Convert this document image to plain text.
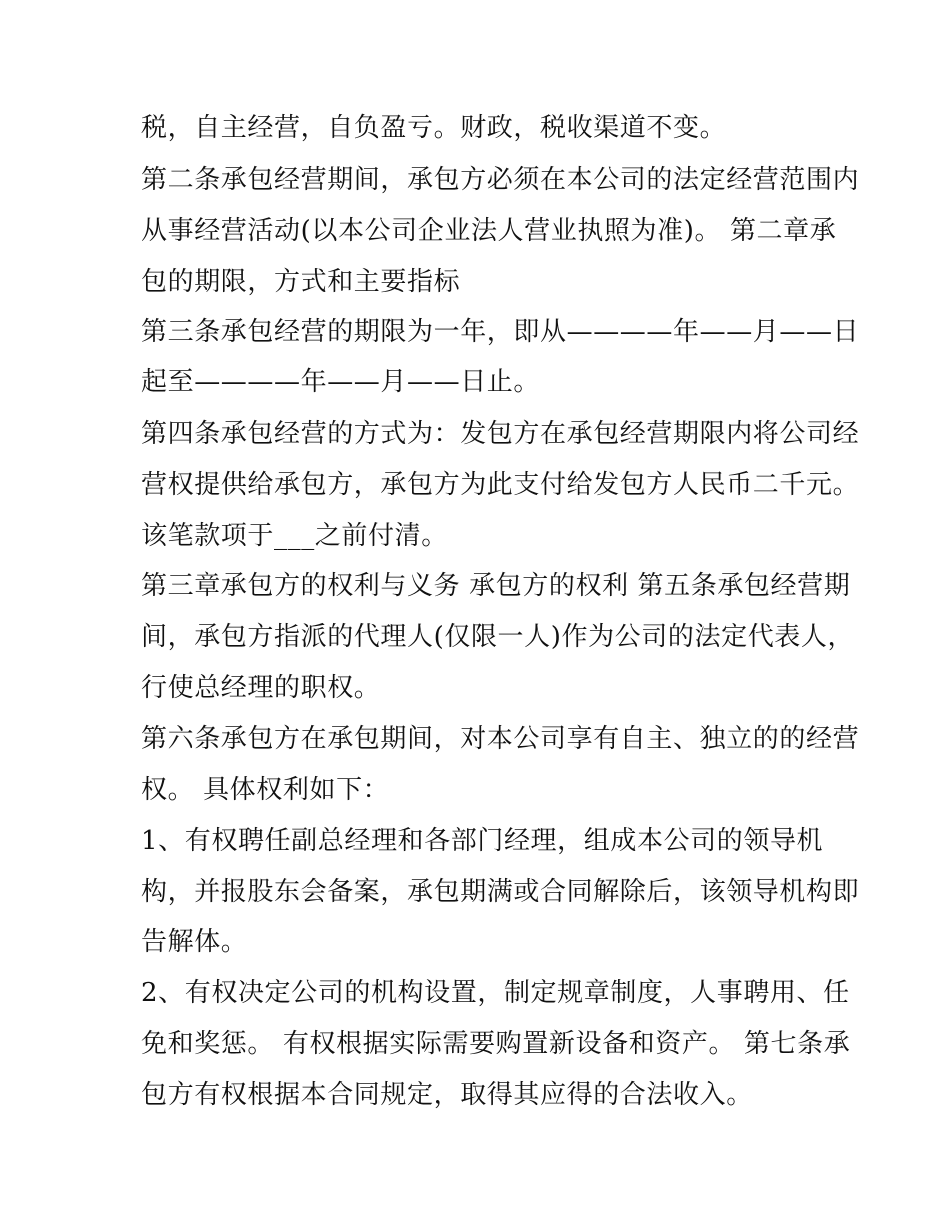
税，自主经营，自负盈亏。财政，税收渠道不变。
第二条承包经营期间，承包方必须在本公司的法定经营范围内
从事经营活动(以本公司企业法人营业执照为准)。 第二章承
包的期限，方式和主要指标
第三条承包经营的期限为一年，即从————年——月——日
起至————年——月——日止。
第四条承包经营的方式为：发包方在承包经营期限内将公司经
营权提供给承包方，承包方为此支付给发包方人民币二千元。
该笔款项于___之前付清。
第三章承包方的权利与义务 承包方的权利 第五条承包经营期
间，承包方指派的代理人(仅限一人)作为公司的法定代表人，
行使总经理的职权。
第六条承包方在承包期间，对本公司享有自主、独立的的经营
权。 具体权利如下：
1、有权聘任副总经理和各部门经理，组成本公司的领导机
构，并报股东会备案，承包期满或合同解除后，该领导机构即
告解体。
2、有权决定公司的机构设置，制定规章制度，人事聘用、任
免和奖惩。 有权根据实际需要购置新设备和资产。 第七条承
包方有权根据本合同规定，取得其应得的合法收入。
